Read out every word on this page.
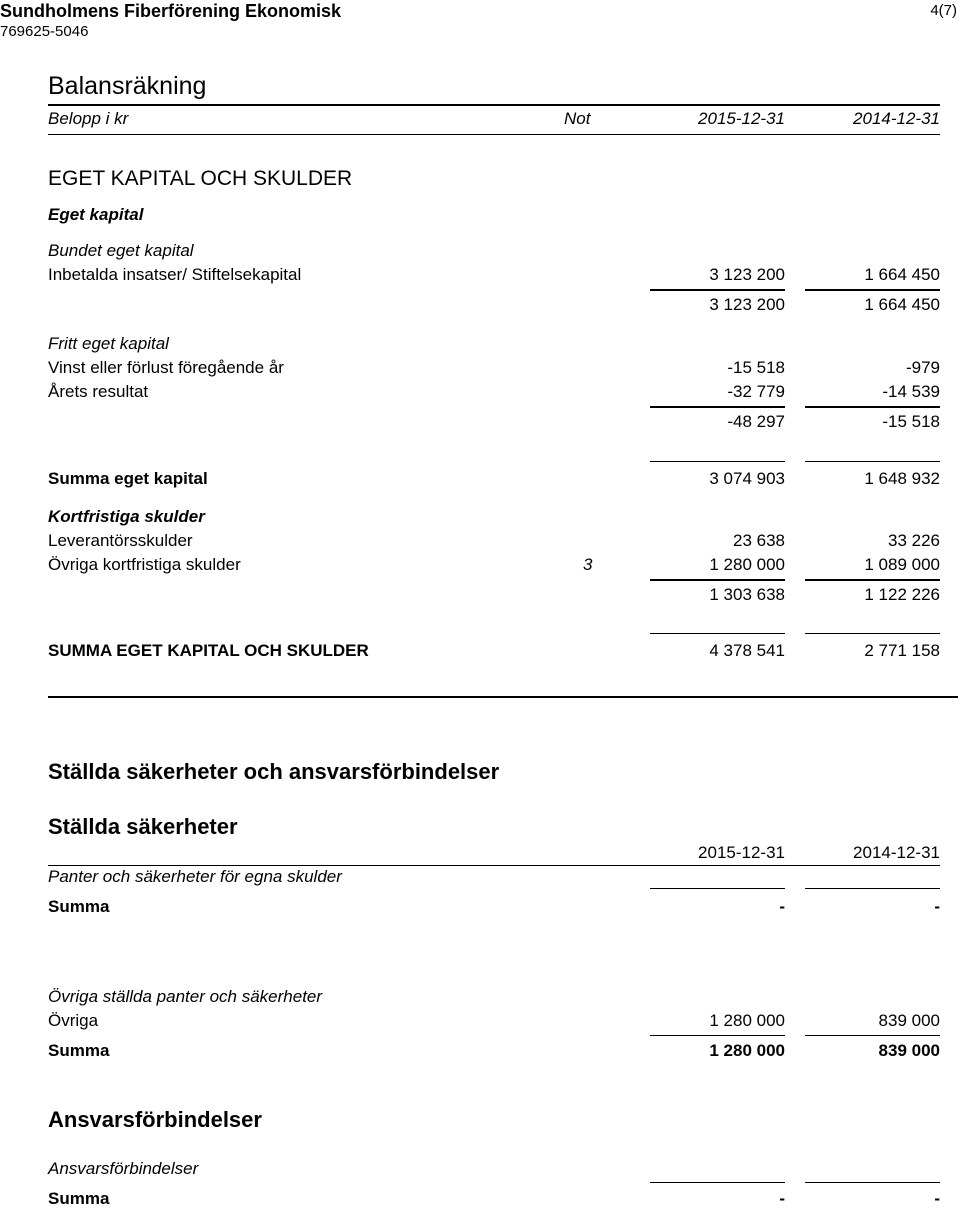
Sundholmens Fiberförening Ekonomisk
769625-5046
4(7)
Balansräkning
Belopp i kr	Not	2015-12-31	2014-12-31
EGET KAPITAL OCH SKULDER
Eget kapital
Bundet eget kapital
Inbetalda insatser/ Stiftelsekapital	3 123 200	1 664 450
3 123 200	1 664 450
Fritt eget kapital
Vinst eller förlust föregående år	-15 518	-979
Årets resultat	-32 779	-14 539
-48 297	-15 518
Summa eget kapital	3 074 903	1 648 932
Kortfristiga skulder
Leverantörsskulder	23 638	33 226
Övriga kortfristiga skulder	3	1 280 000	1 089 000
1 303 638	1 122 226
SUMMA EGET KAPITAL OCH SKULDER	4 378 541	2 771 158
Ställda säkerheter och ansvarsförbindelser
Ställda säkerheter
2015-12-31	2014-12-31
Panter och säkerheter för egna skulder
Summa	-	-
Övriga ställda panter och säkerheter
Övriga	1 280 000	839 000
Summa	1 280 000	839 000
Ansvarsförbindelser
Ansvarsförbindelser
Summa	-	-
